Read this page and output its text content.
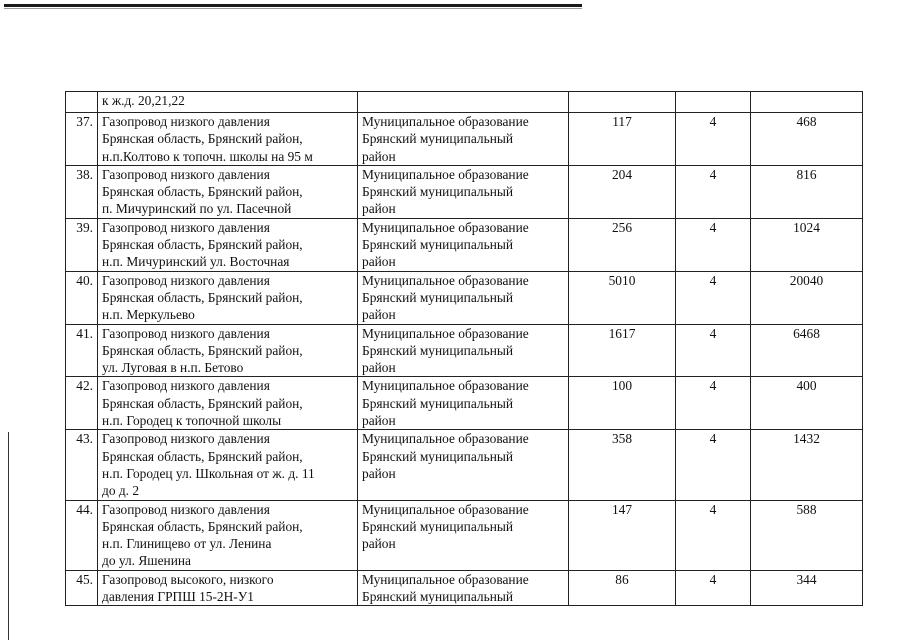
	к ж.д. 20,21,22				
37.	Газопровод низкого давления
Брянская область, Брянский район,
н.п.Колтово к топочн. школы на 95 м	Муниципальное образование
Брянский муниципальный
район	117	4	468
38.	Газопровод низкого давления
Брянская область, Брянский район,
п. Мичуринский по ул. Пасечной	Муниципальное образование
Брянский муниципальный
район	204	4	816
39.	Газопровод низкого давления
Брянская область, Брянский район,
н.п. Мичуринский ул. Восточная	Муниципальное образование
Брянский муниципальный
район	256	4	1024
40.	Газопровод низкого давления
Брянская область, Брянский район,
н.п. Меркульево	Муниципальное образование
Брянский муниципальный
район	5010	4	20040
41.	Газопровод низкого давления
Брянская область, Брянский район,
ул. Луговая в н.п. Бетово	Муниципальное образование
Брянский муниципальный
район	1617	4	6468
42.	Газопровод низкого давления
Брянская область, Брянский район,
н.п. Городец к топочной школы	Муниципальное образование
Брянский муниципальный
район	100	4	400
43.	Газопровод низкого давления
Брянская область, Брянский район,
н.п. Городец ул. Школьная от ж. д. 11
до д. 2	Муниципальное образование
Брянский муниципальный
район	358	4	1432
44.	Газопровод низкого давления
Брянская область, Брянский район,
н.п. Глинищево от ул. Ленина
до ул. Яшенина	Муниципальное образование
Брянский муниципальный
район	147	4	588
45.	Газопровод высокого, низкого
давления ГРПШ 15-2Н-У1	Муниципальное образование
Брянский муниципальный	86	4	344
